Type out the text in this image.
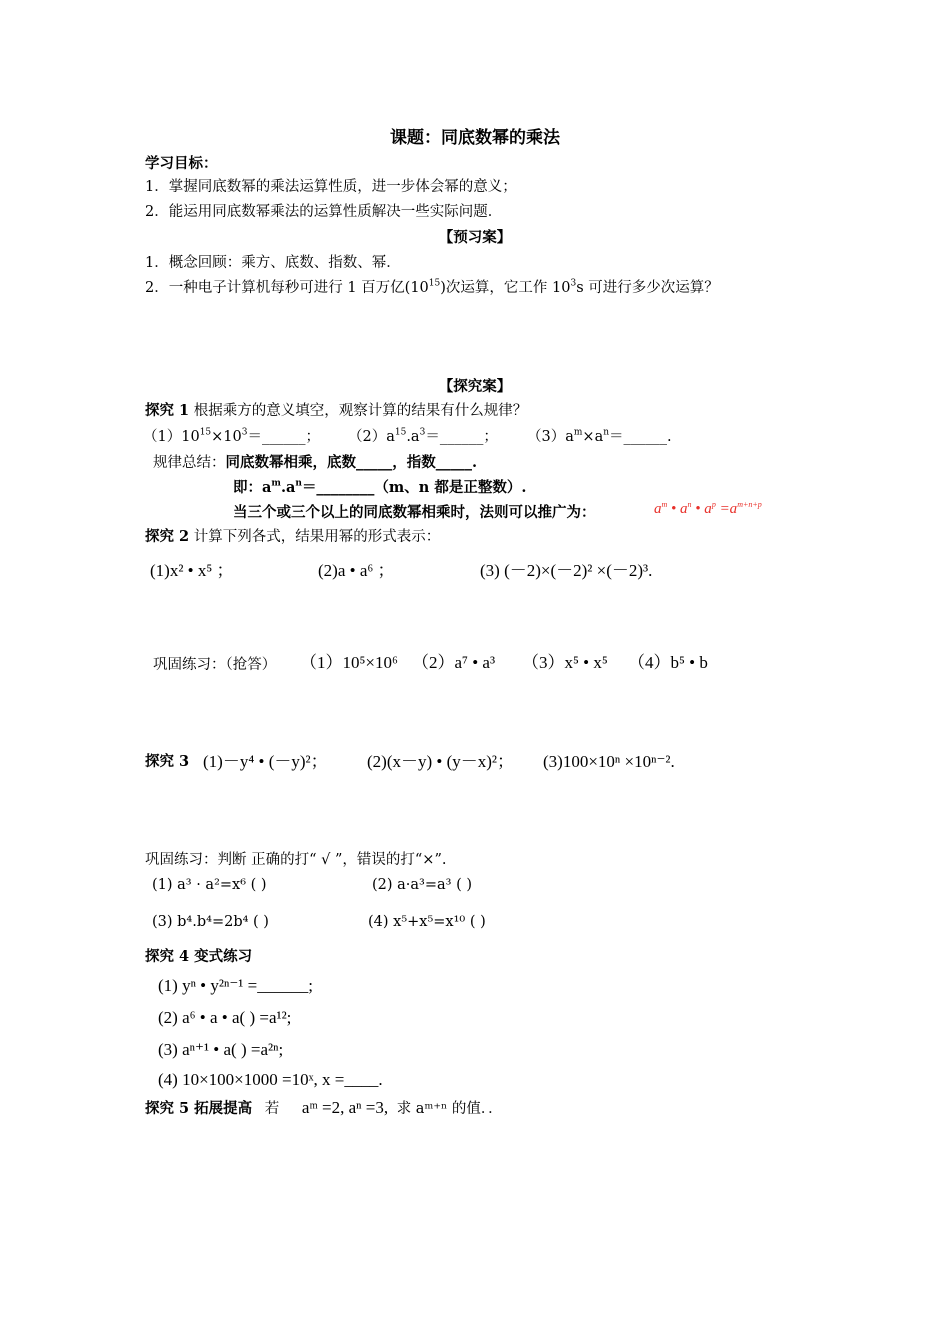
课题：同底数幂的乘法
学习目标：
1．掌握同底数幂的乘法运算性质，进一步体会幂的意义；
2．能运用同底数幂乘法的运算性质解决一些实际问题．
【预习案】
1．概念回顾：乘方、底数、指数、幂．
2．一种电子计算机每秒可进行 1 百万亿$(10^{15})$次运算，它工作 $10^3s$ 可进行多少次运算？
【探究案】
探究 1 根据乘方的意义填空，观察计算的结果有什么规律？
$(1)10^{15}\times 10^3=\_\_\_\_\_\_$； $(2)a^{15}.a^3=\_\_\_\_\_\_$； $(3)a^m\times a^n=\_\_\_\_\_\_$.
规律总结：同底数幂相乘，底数_____，指数_____.
即：$a^m.a^n=\_\_\_\_\_\_\_\_(m$、n 都是正整数）.
当三个或三个以上的同底数幂相乘时，法则可以推广为：	$a^m$ • $a^n$ • $a^p =a^{m+n+p}$
探究 2 计算下列各式，结果用幂的形式表示：
(1)x² • x⁵ ；	(2)a • a⁶ ；	(3) (－2)×(－2)² ×(－2)³.
巩固练习：（抢答） （1）10⁵×10⁶ （2）a⁷ • a³ （3）x⁵ • x⁵ （4）b⁵ • b
探究 3 (1)－y⁴ • (－y)²； (2)(x－y) • (y－x)²； (3)100×10ⁿ ×10ⁿ⁻².
巩固练习：判断 正确的打“ √ ”，错误的打“×”.
(1) a³ · a²=x⁶ ( )	(2) a·a³=a³ ( )
(3) b⁴.b⁴=2b⁴ ( )	(4) x⁵+x⁵=x¹⁰ ( )
探究 4 变式练习
(1) yⁿ • y²ⁿ⁻¹ =______;
(2) a⁶ • a • a( ) =a¹²;
(3) aⁿ⁺¹ • a( ) =a²ⁿ;
(4) 10×100×1000 =10ˣ, x =____.
探究 5 拓展提高 若 aᵐ =2, aⁿ =3, 求 aᵐ⁺ⁿ 的值．．
